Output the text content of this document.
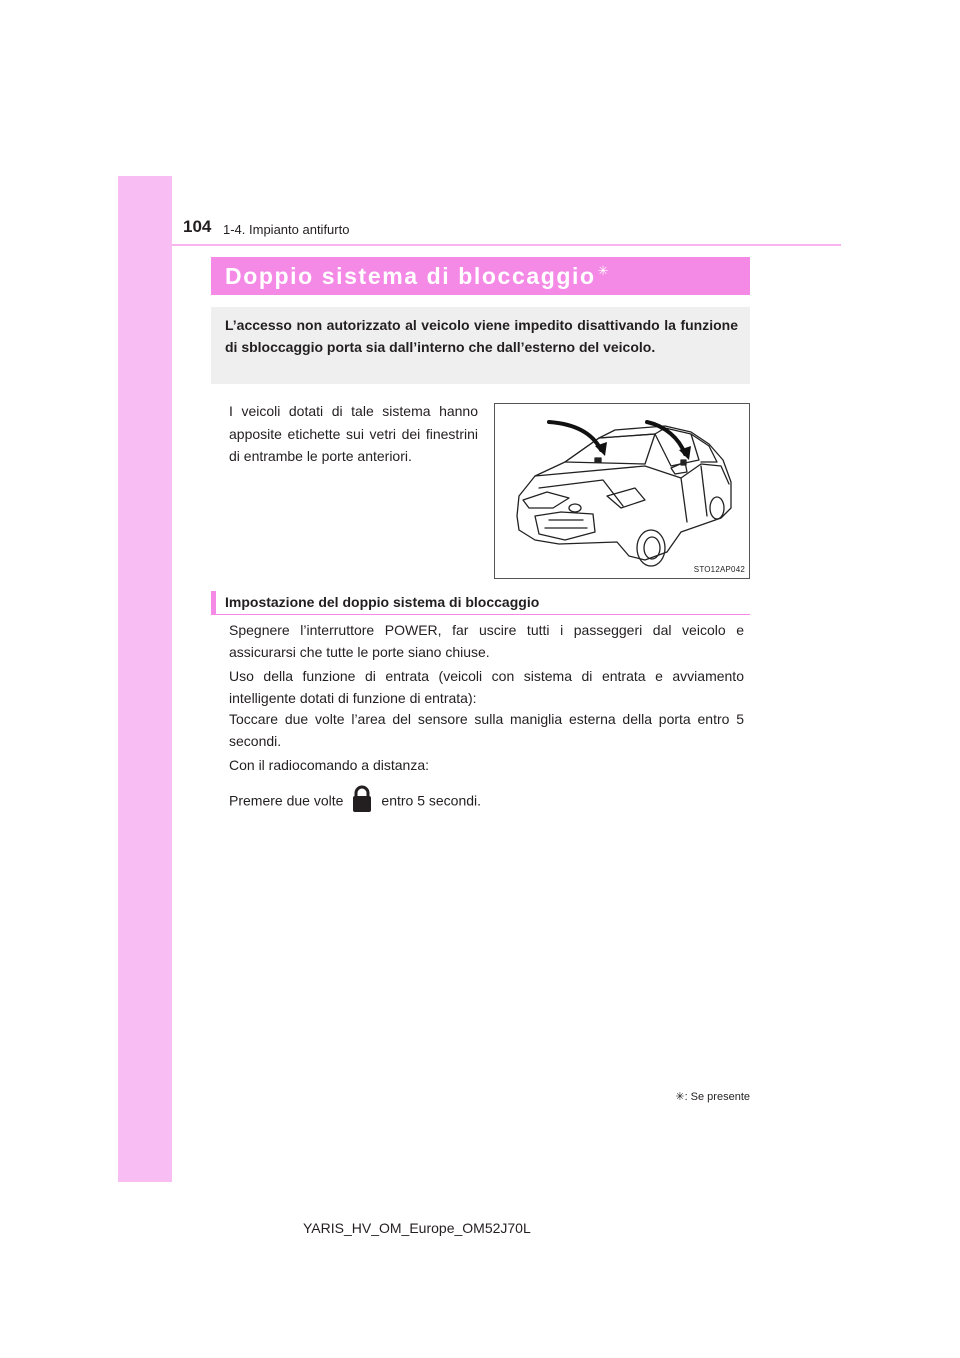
104 1-4. Impianto antifurto
Doppio sistema di bloccaggio ✳
L’accesso non autorizzato al veicolo viene impedito disattivando la funzione di sbloccaggio porta sia dall’interno che dall’esterno del veicolo.
I veicoli dotati di tale sistema hanno apposite etichette sui vetri dei finestrini di entrambe le porte anteriori.
STO12AP042
Impostazione del doppio sistema di bloccaggio
Spegnere l’interruttore POWER, far uscire tutti i passeggeri dal veicolo e assicurarsi che tutte le porte siano chiuse.
Uso della funzione di entrata (veicoli con sistema di entrata e avviamento intelligente dotati di funzione di entrata):
Toccare due volte l’area del sensore sulla maniglia esterna della porta entro 5 secondi.
Con il radiocomando a distanza:
Premere due volte	entro 5 secondi.
✳: Se presente
YARIS_HV_OM_Europe_OM52J70L
